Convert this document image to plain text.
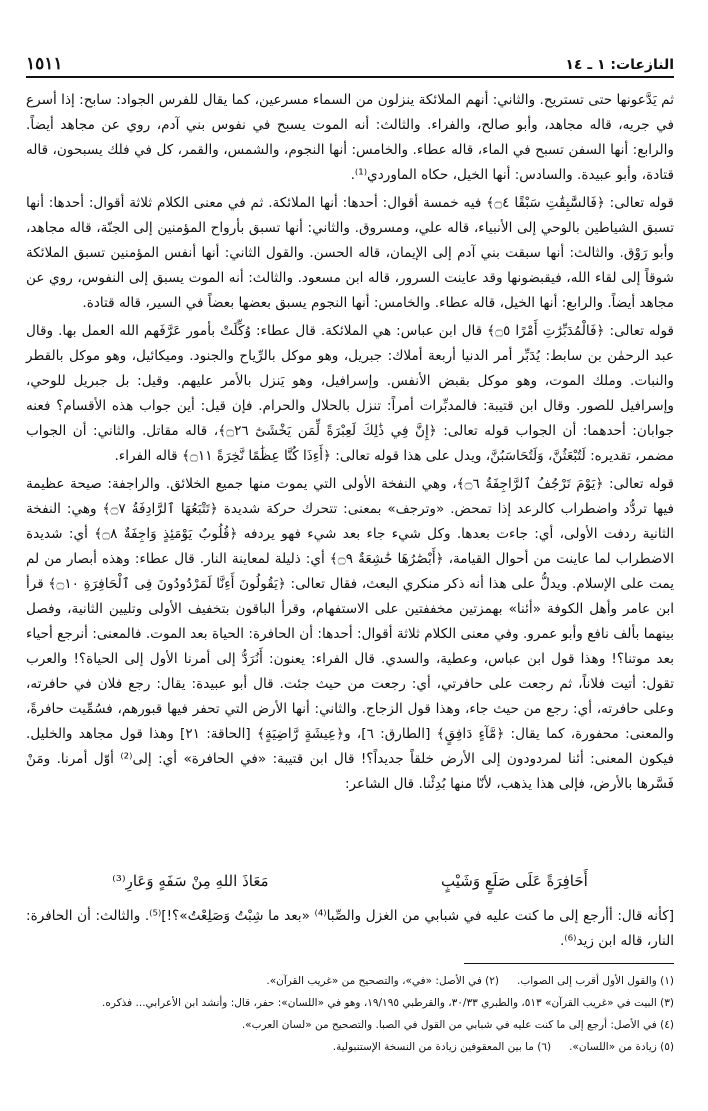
١٥١١	النازعات: ١ ـ ١٤

ثم يَدَّعونها حتى تستريح. والثاني: أنهم الملائكة ينزلون من السماء مسرعين، كما يقال للفرس الجواد: سابح: إذا أسرع في جريه، قاله مجاهد، وأبو صالح، والفراء. والثالث: أنه الموت يسبح في نفوس بني آدم، روي عن مجاهد أيضاً. والرابع: أنها السفن تسبح في الماء، قاله عطاء. والخامس: أنها النجوم، والشمس، والقمر، كل في فلك يسبحون، قاله قتادة، وأبو عبيدة. والسادس: أنها الخيل، حكاه الماوردي⁽¹⁾.

قوله تعالى: ﴿فَالسَّٰبِقَٰتِ سَبْقًا ۝٤﴾ فيه خمسة أقوال: أحدها: أنها الملائكة. ثم في معنى الكلام ثلاثة أقوال: أحدها: أنها تسبق الشياطين بالوحي إلى الأنبياء، قاله علي، ومسروق. والثاني: أنها تسبق بأرواح المؤمنين إلى الجنّة، قاله مجاهد، وأبو رَوْق. والثالث: أنها سبقت بني آدم إلى الإيمان، قاله الحسن. والقول الثاني: أنها أنفس المؤمنين تسبق الملائكة شوقاً إلى لقاء الله، فيقبضونها وقد عاينت السرور، قاله ابن مسعود. والثالث: أنه الموت يسبق إلى النفوس، روي عن مجاهد أيضاً. والرابع: أنها الخيل، قاله عطاء. والخامس: أنها النجوم يسبق بعضها بعضاً في السير، قاله قتادة.

قوله تعالى: ﴿فَالْمُدَبِّرَٰتِ أَمْرًا ۝٥﴾ قال ابن عباس: هي الملائكة. قال عطاء: وُكِّلَتْ بأمور عَرَّفَهم الله العمل بها. وقال عبد الرحمٰن بن سابط: يُدَبِّر أمر الدنيا أربعة أملاك: جبريل، وهو موكل بالرِّياح والجنود. وميكائيل، وهو موكل بالقطر والنبات. وملك الموت، وهو موكل بقبض الأنفس. وإسرافيل، وهو يَنزل بالأمر عليهم. وقيل: بل جبريل للوحي، وإسرافيل للصور. وقال ابن قتيبة: فالمدبِّرات أمراً: تنزل بالحلال والحرام. فإن قيل: أين جواب هذه الأقسام؟ فعنه جوابان: أحدهما: أن الجواب قوله تعالى: ﴿إِنَّ فِي ذَٰلِكَ لَعِبْرَةً لِّمَن يَخْشَىٰٓ ۝٢٦﴾، قاله مقاتل. والثاني: أن الجواب مضمر، تقديره: لَتُبْعَثُنَّ، وَلَتُحَاسَبُنَّ، ويدل على هذا قوله تعالى: ﴿أَءِذَا كُنَّا عِظَٰمًا نَّخِرَةً ۝١١﴾ قاله الفراء.

قوله تعالى: ﴿يَوْمَ تَرْجُفُ ٱلرَّاجِفَةُ ۝٦﴾، وهي النفخة الأولى التي يموت منها جميع الخلائق. والراجفة: صيحة عظيمة فيها تردُّد واضطراب كالرعد إذا تمحض. «وترجف» بمعنى: تتحرك حركة شديدة ﴿تَتْبَعُهَا ٱلرَّادِفَةُ ۝٧﴾ وهي: النفخة الثانية ردفت الأولى، أي: جاءت بعدها. وكل شيء جاء بعد شيء فهو يردفه ﴿قُلُوبٌ يَوْمَئِذٍ وَاجِفَةٌ ۝٨﴾ أي: شديدة الاضطراب لما عاينت من أحوال القيامة، ﴿أَبْصَٰرُهَا خَٰشِعَةٌ ۝٩﴾ أي: ذليلة لمعاينة النار. قال عطاء: وهذه أبصار من لم يمت على الإسلام. ويدلُّ على هذا أنه ذكر منكري البعث، فقال تعالى: ﴿يَقُولُونَ أَءِنَّا لَمَرْدُودُونَ فِى ٱلْحَافِرَةِ ۝١٠﴾ قرأ ابن عامر وأهل الكوفة «أئنا» بهمزتين مخففتين على الاستفهام، وقرأ الباقون بتخفيف الأولى وتليين الثانية، وفصل بينهما بألف نافع وأبو عمرو. وفي معنى الكلام ثلاثة أقوال: أحدها: أن الحافرة: الحياة بعد الموت. فالمعنى: أنرجع أحياء بعد موتنا؟! وهذا قول ابن عباس، وعطية، والسدي. قال الفراء: يعنون: أَنُرَدُّ إلى أمرنا الأول إلى الحياة؟! والعرب تقول: أتيت فلاناً، ثم رجعت على حافرتي، أي: رجعت من حيث جئت. قال أبو عبيدة: يقال: رجع فلان في حافرته، وعلى حافرته، أي: رجع من حيث جاء، وهذا قول الزجاج. والثاني: أنها الأرض التي تحفر فيها قبورهم، فسُمِّيت حافرةً، والمعنى: محفورة، كما يقال: ﴿مَّآءٍ دَافِقٍ﴾ [الطارق: ٦]، و﴿عِيشَةٍ رَّاضِيَةٍ﴾ [الحاقة: ٢١] وهذا قول مجاهد والخليل. فيكون المعنى: أئنا لمردودون إلى الأرض خلقاً جديداً؟! قال ابن قتيبة: «في الحافرة» أي: إلى⁽²⁾ أوّل أمرنا. ومَنْ فَسَّرها بالأرض، فإلى هذا يذهب، لأنّا منها بُدِئْنا. قال الشاعر:

أَحَافِرَةً عَلَى صَلَعٍ وَشَيْبٍ
مَعَاذَ اللهِ مِنْ سَفَهٍ وَعَارِ⁽³⁾

[كأنه قال: أأرجع إلى ما كنت عليه في شبابي من الغزل والصِّبا⁽⁴⁾ «بعد ما شِبْتُ وَصَلِعْتُ»؟!]⁽⁵⁾. والثالث: أن الحافرة: النار، قاله ابن زيد⁽⁶⁾.

(١) والقول الأول أقرب إلى الصواب.
(٢) في الأصل: «في»، والتصحيح من «غريب القرآن».
(٣) البيت في «غريب القرآن» ٥١٣، والطبري ٣٠/٣٣، والقرطبي ١٩/١٩٥، وهو في «اللسان»: حفر، قال: وأنشد ابن الأعرابي... فذكره.
(٤) في الأصل: أرجع إلى ما كنت عليه في شبابي من القول في الصبا. والتصحيح من «لسان العرب».
(٥) زيادة من «اللسان».
(٦) ما بين المعقوفين زيادة من النسخة الإستنبولية.
